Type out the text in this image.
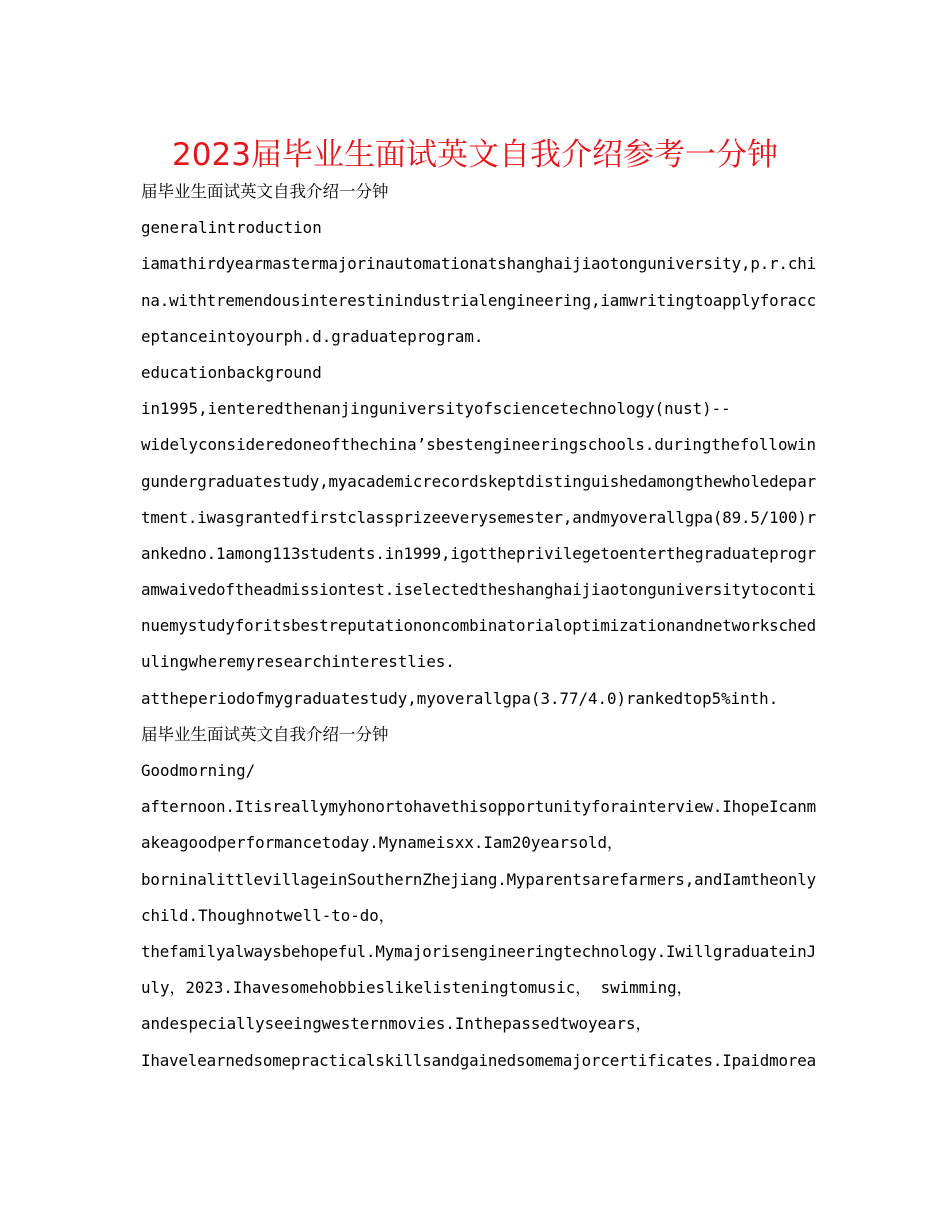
2023届毕业生面试英文自我介绍参考一分钟
届毕业生面试英文自我介绍一分钟
generalintroduction
iamathirdyearmastermajorinautomationatshanghaijiaotonguniversity,p.r.chi
na.withtremendousinterestinindustrialengineering,iamwritingtoapplyforacc
eptanceintoyourph.d.graduateprogram.
educationbackground
in1995,ienteredthenanjinguniversityofsciencetechnology(nust)--
widelyconsideredoneofthechina’sbestengineeringschools.duringthefollowin
gundergraduatestudy,myacademicrecordskeptdistinguishedamongthewholedepar
tment.iwasgrantedfirstclassprizeeverysemester,andmyoverallgpa(89.5/100)r
ankedno.1among113students.in1999,igottheprivilegetoenterthegraduateprogr
amwaivedoftheadmissiontest.iselectedtheshanghaijiaotonguniversitytoconti
nuemystudyforitsbestreputationoncombinatorialoptimizationandnetworksched
ulingwheremyresearchinterestlies.
attheperiodofmygraduatestudy,myoverallgpa(3.77/4.0)rankedtop5%inth.
届毕业生面试英文自我介绍一分钟
Goodmorning/
afternoon.Itisreallymyhonortohavethisopportunityforainterview.IhopeIcanm
akeagoodperformancetoday.Mynameisxx.Iam20yearsold，
borninalittlevillageinSouthernZhejiang.Myparentsarefarmers,andIamtheonly
child.Thoughnotwell-to-do，
thefamilyalwaysbehopeful.Mymajorisengineeringtechnology.IwillgraduateinJ
uly，2023.Ihavesomehobbieslikelisteningtomusic， swimming，
andespeciallyseeingwesternmovies.Inthepassedtwoyears，
Ihavelearnedsomepracticalskillsandgainedsomemajorcertificates.Ipaidmorea
